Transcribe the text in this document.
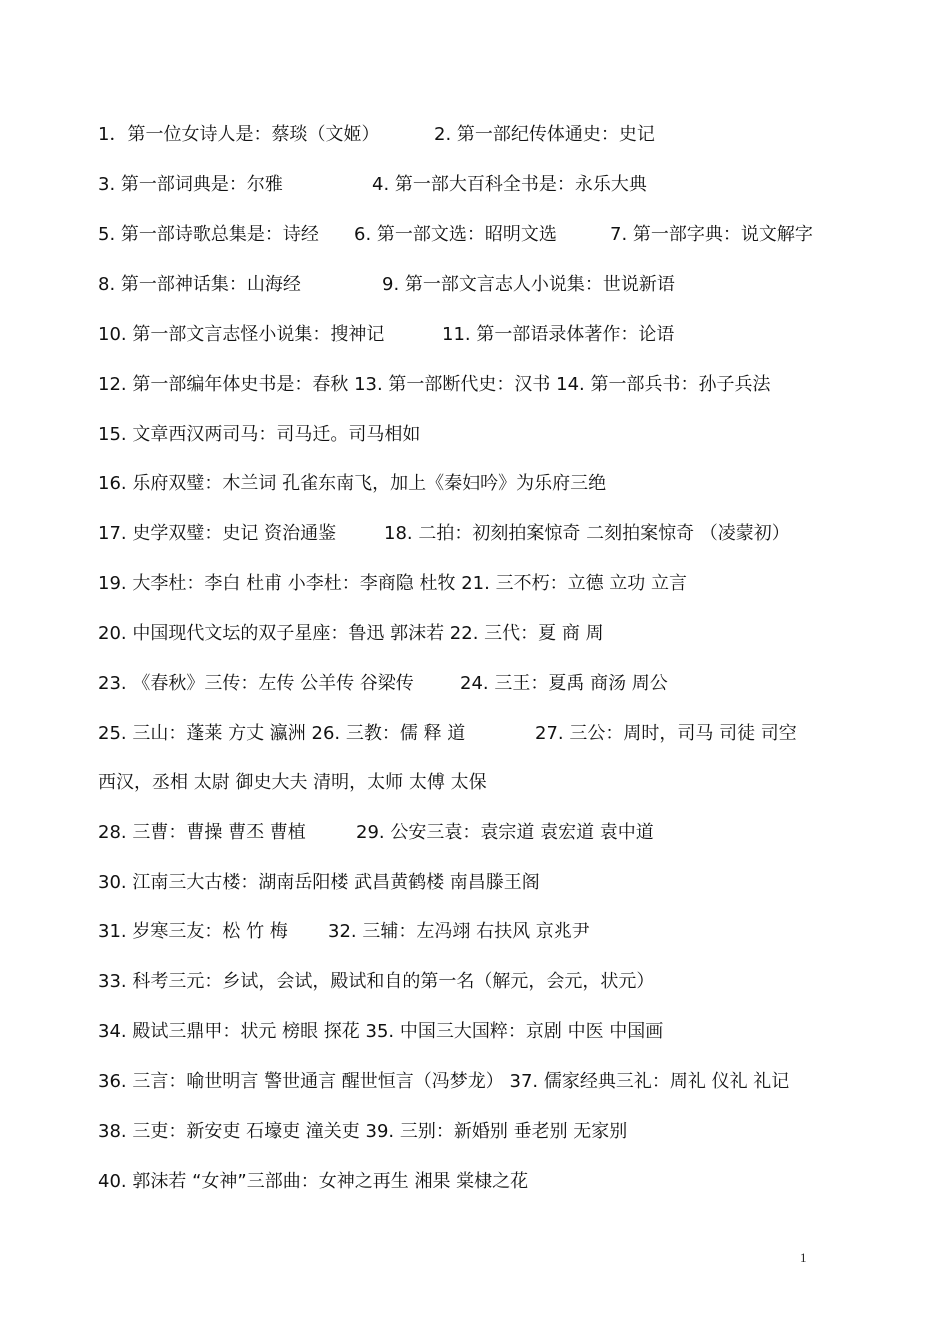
1．第一位女诗人是：蔡琰（文姬）	2. 第一部纪传体通史：史记
3. 第一部词典是：尔雅	4. 第一部大百科全书是：永乐大典
5. 第一部诗歌总集是：诗经 6. 第一部文选：昭明文选	7. 第一部字典：说文解字
8. 第一部神话集：山海经	9. 第一部文言志人小说集：世说新语
10. 第一部文言志怪小说集：搜神记	11. 第一部语录体著作：论语
12. 第一部编年体史书是：春秋 13. 第一部断代史：汉书 14. 第一部兵书：孙子兵法
15. 文章西汉两司马：司马迁。司马相如
16. 乐府双璧：木兰词 孔雀东南飞，加上《秦妇吟》为乐府三绝
17. 史学双璧：史记 资治通鉴	18. 二拍：初刻拍案惊奇 二刻拍案惊奇 （凌蒙初）
19. 大李杜：李白 杜甫 小李杜：李商隐 杜牧 21. 三不朽：立德 立功 立言
20. 中国现代文坛的双子星座：鲁迅 郭沫若 22. 三代：夏 商 周
23. 《春秋》三传：左传 公羊传 谷梁传	24. 三王：夏禹 商汤 周公
25. 三山：蓬莱 方丈 瀛洲 26. 三教：儒 释 道	27. 三公：周时，司马 司徒 司空
西汉，丞相 太尉 御史大夫 清明，太师 太傅 太保
28. 三曹：曹操 曹丕 曹植	29. 公安三袁：袁宗道 袁宏道 袁中道
30. 江南三大古楼：湖南岳阳楼 武昌黄鹤楼 南昌滕王阁
31. 岁寒三友：松 竹 梅 32. 三辅：左冯翊 右扶风 京兆尹
33. 科考三元：乡试，会试，殿试和自的第一名（解元，会元，状元）
34. 殿试三鼎甲：状元 榜眼 探花 35. 中国三大国粹：京剧 中医 中国画
36. 三言：喻世明言 警世通言 醒世恒言（冯梦龙） 37. 儒家经典三礼：周礼 仪礼 礼记
38. 三吏：新安吏 石壕吏 潼关吏 39. 三别：新婚别 垂老别 无家别
40. 郭沫若 “女神”三部曲：女神之再生 湘果 棠棣之花
1
